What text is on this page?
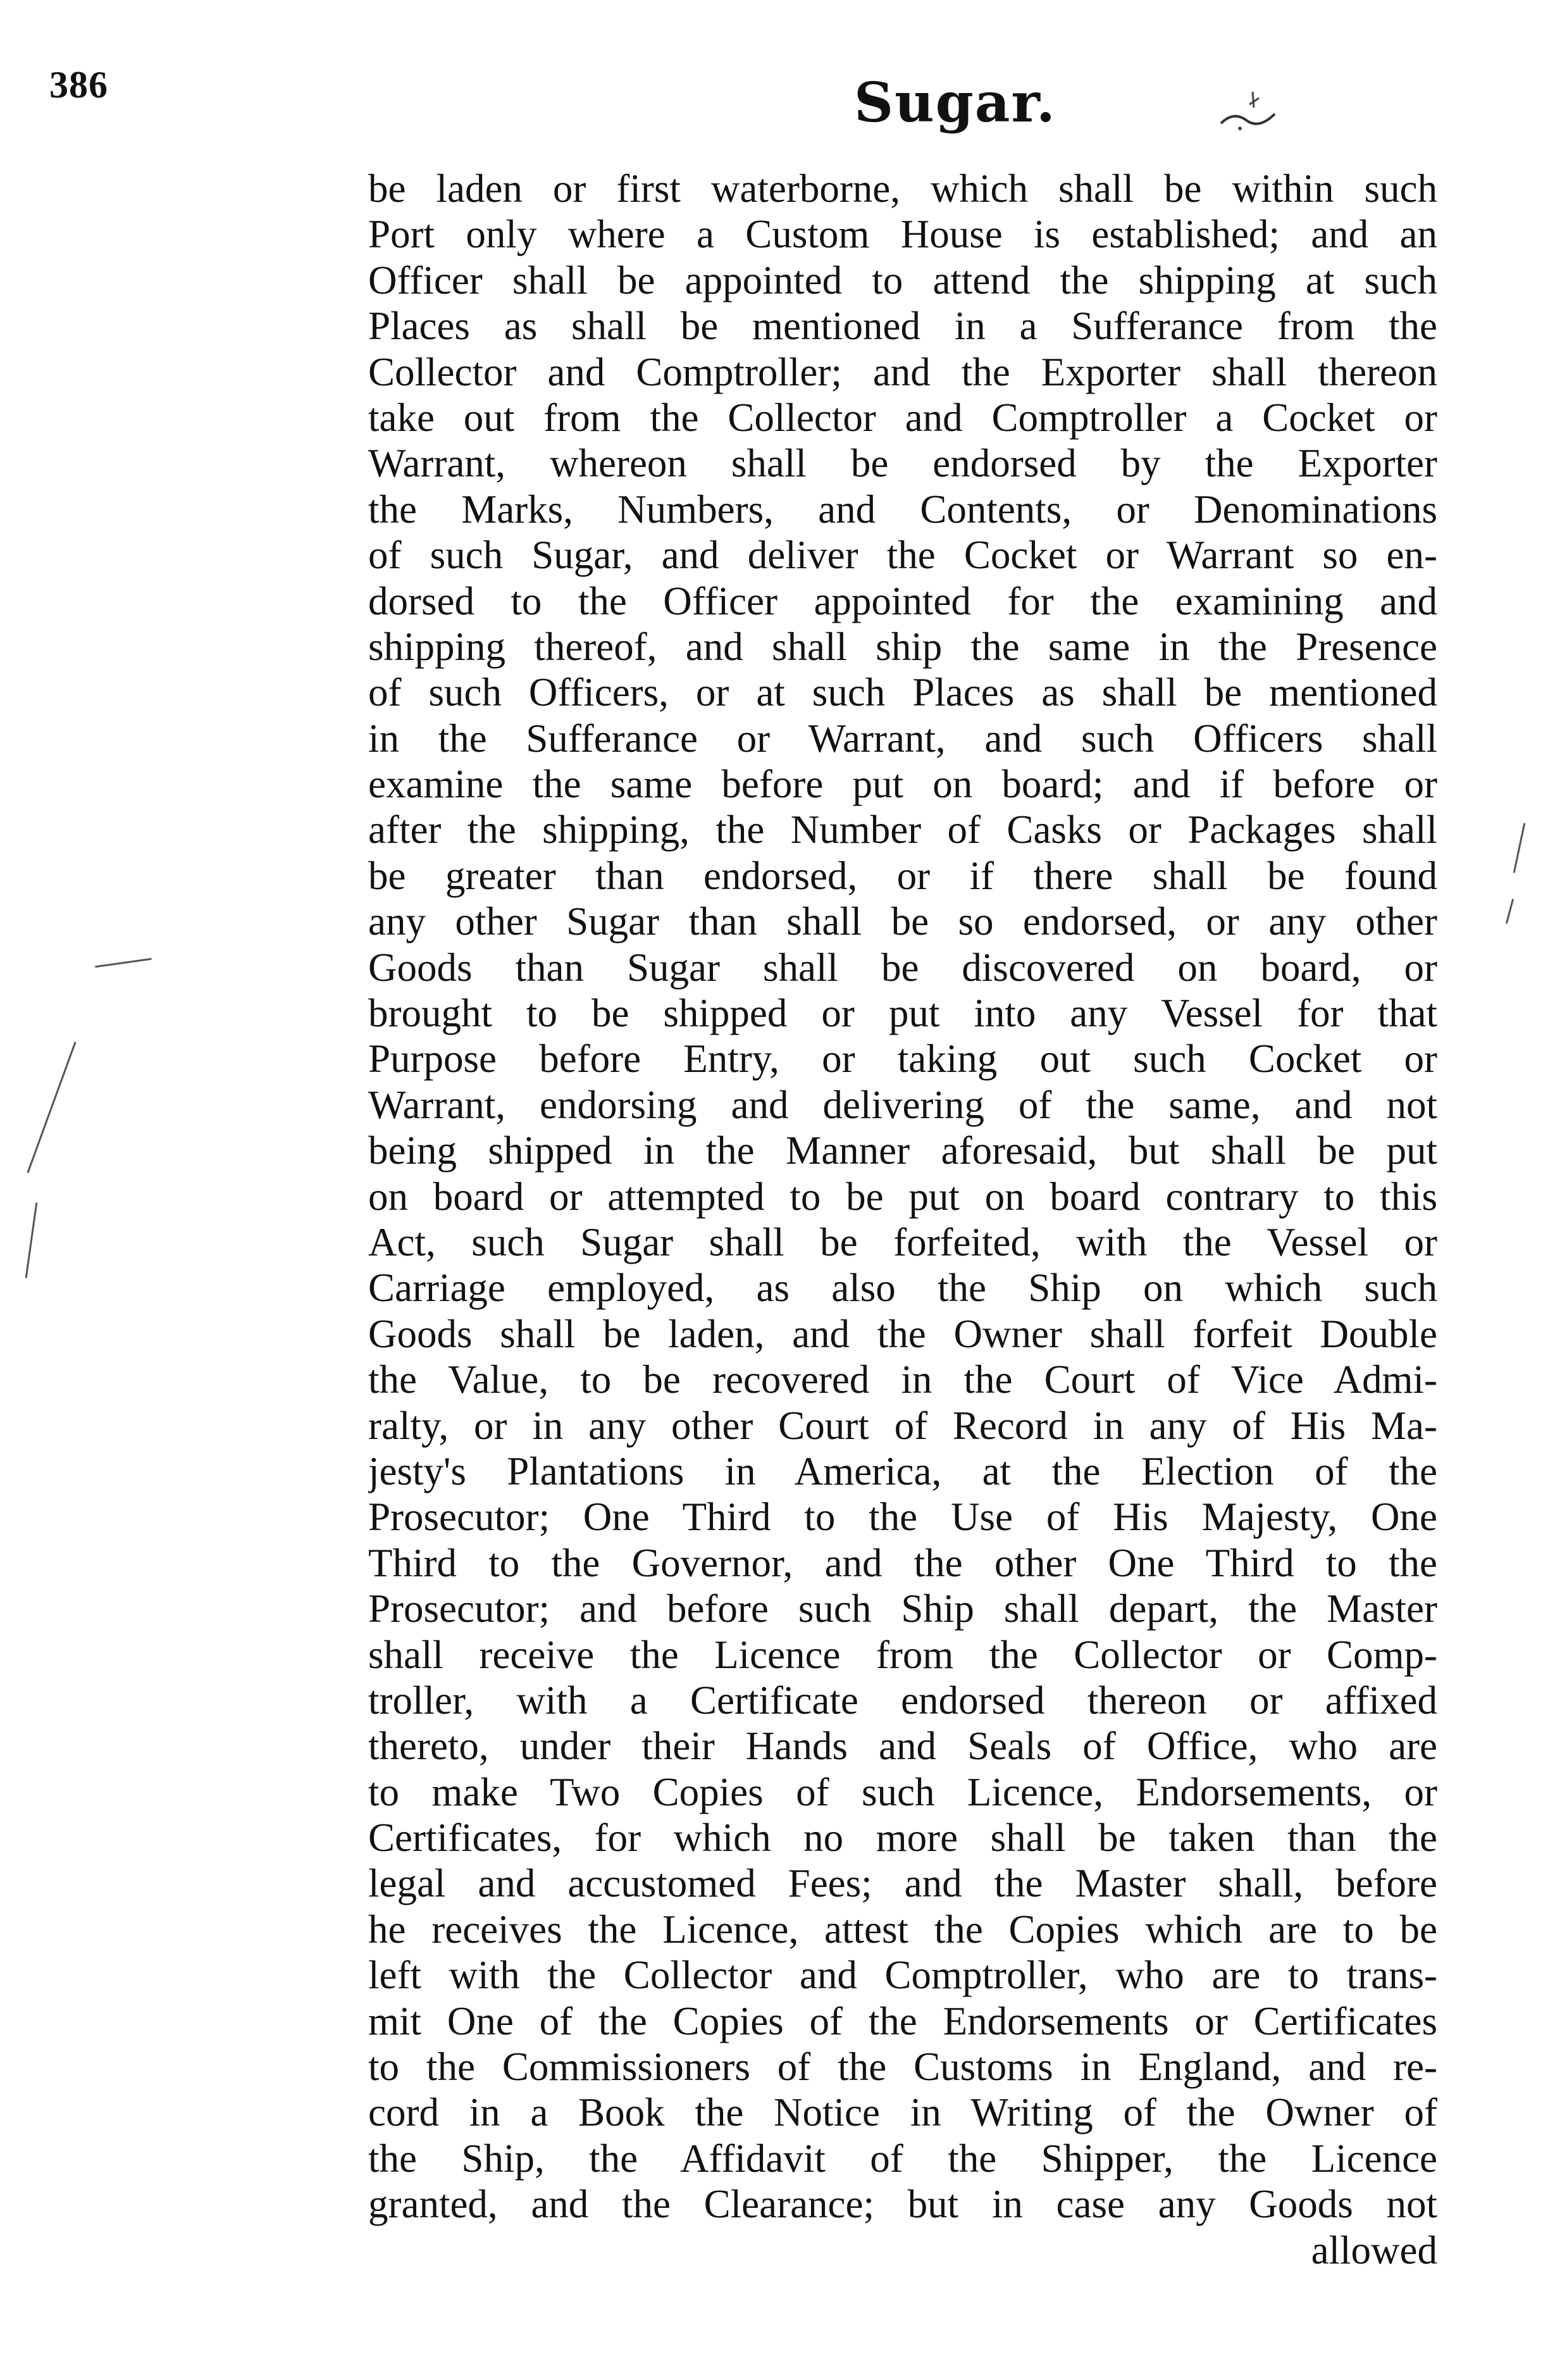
386	Sugar.
be laden or first waterborne, which shall be within such
Port only where a Custom House is established; and an
Officer shall be appointed to attend the shipping at such
Places as shall be mentioned in a Sufferance from the
Collector and Comptroller; and the Exporter shall thereon
take out from the Collector and Comptroller a Cocket or
Warrant, whereon shall be endorsed by the Exporter
the Marks, Numbers, and Contents, or Denominations
of such Sugar, and deliver the Cocket or Warrant so en-
dorsed to the Officer appointed for the examining and
shipping thereof, and shall ship the same in the Presence
of such Officers, or at such Places as shall be mentioned
in the Sufferance or Warrant, and such Officers shall
examine the same before put on board; and if before or
after the shipping, the Number of Casks or Packages shall
be greater than endorsed, or if there shall be found
any other Sugar than shall be so endorsed, or any other
Goods than Sugar shall be discovered on board, or
brought to be shipped or put into any Vessel for that
Purpose before Entry, or taking out such Cocket or
Warrant, endorsing and delivering of the same, and not
being shipped in the Manner aforesaid, but shall be put
on board or attempted to be put on board contrary to this
Act, such Sugar shall be forfeited, with the Vessel or
Carriage employed, as also the Ship on which such
Goods shall be laden, and the Owner shall forfeit Double
the Value, to be recovered in the Court of Vice Admi-
ralty, or in any other Court of Record in any of His Ma-
jesty's Plantations in America, at the Election of the
Prosecutor; One Third to the Use of His Majesty, One
Third to the Governor, and the other One Third to the
Prosecutor; and before such Ship shall depart, the Master
shall receive the Licence from the Collector or Comp-
troller, with a Certificate endorsed thereon or affixed
thereto, under their Hands and Seals of Office, who are
to make Two Copies of such Licence, Endorsements, or
Certificates, for which no more shall be taken than the
legal and accustomed Fees; and the Master shall, before
he receives the Licence, attest the Copies which are to be
left with the Collector and Comptroller, who are to trans-
mit One of the Copies of the Endorsements or Certificates
to the Commissioners of the Customs in England, and re-
cord in a Book the Notice in Writing of the Owner of
the Ship, the Affidavit of the Shipper, the Licence
granted, and the Clearance; but in case any Goods not
allowed
